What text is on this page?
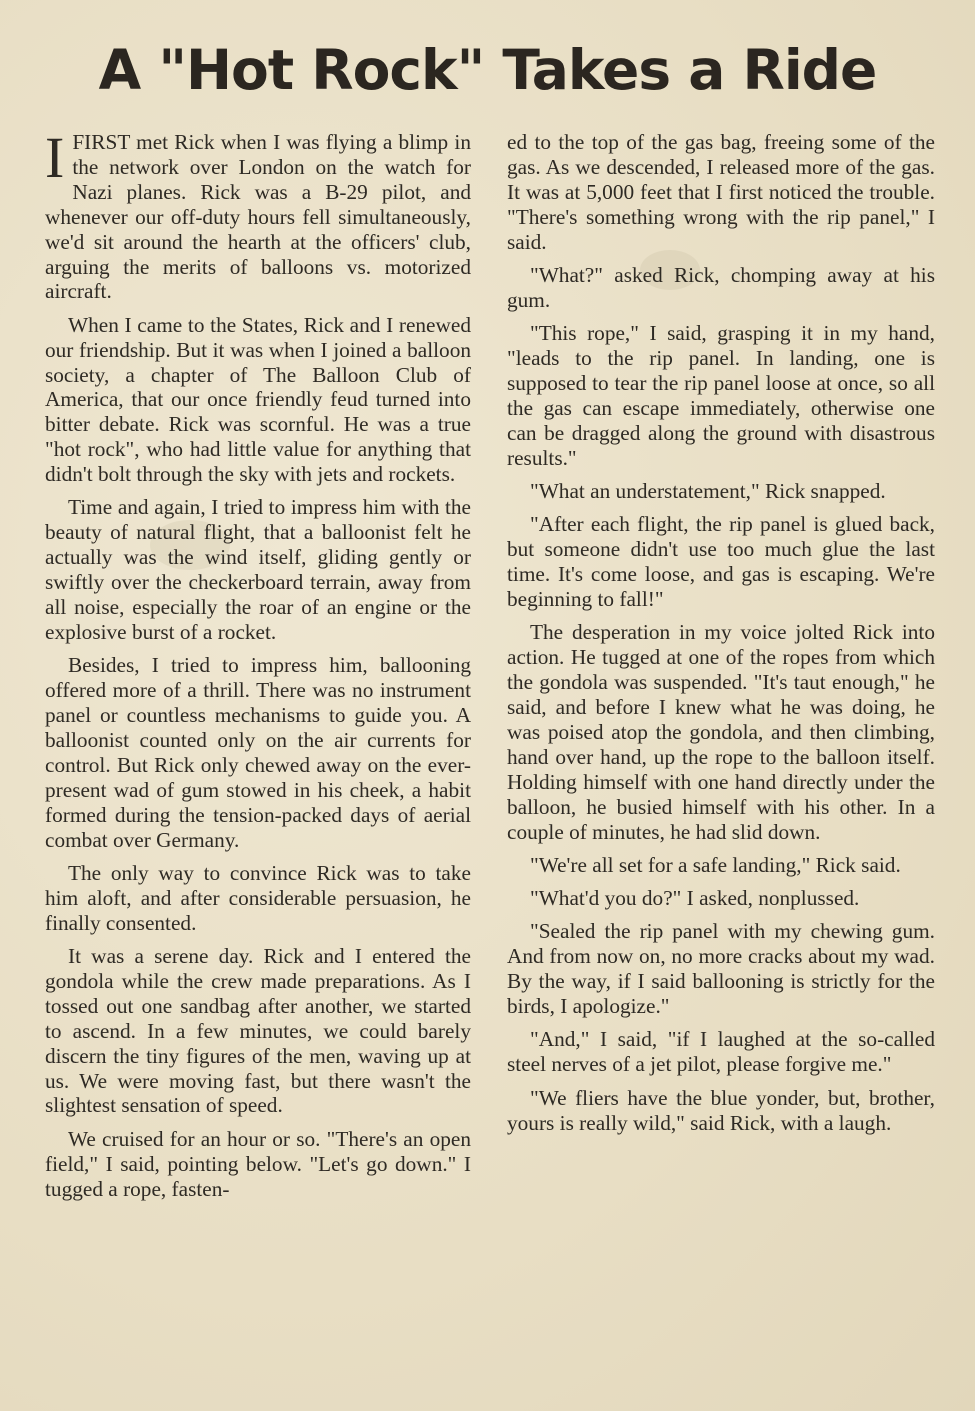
A "Hot Rock" Takes a Ride

I FIRST met Rick when I was flying a blimp in the network over London on the watch for Nazi planes. Rick was a B-29 pilot, and whenever our off-duty hours fell simultaneously, we'd sit around the hearth at the officers' club, arguing the merits of balloons vs. motorized aircraft.

When I came to the States, Rick and I renewed our friendship. But it was when I joined a balloon society, a chapter of The Balloon Club of America, that our once friendly feud turned into bitter debate. Rick was scornful. He was a true "hot rock", who had little value for anything that didn't bolt through the sky with jets and rockets.

Time and again, I tried to impress him with the beauty of natural flight, that a balloonist felt he actually was the wind itself, gliding gently or swiftly over the checkerboard terrain, away from all noise, especially the roar of an engine or the explosive burst of a rocket.

Besides, I tried to impress him, ballooning offered more of a thrill. There was no instrument panel or countless mechanisms to guide you. A balloonist counted only on the air currents for control. But Rick only chewed away on the ever-present wad of gum stowed in his cheek, a habit formed during the tension-packed days of aerial combat over Germany.

The only way to convince Rick was to take him aloft, and after considerable persuasion, he finally consented.

It was a serene day. Rick and I entered the gondola while the crew made preparations. As I tossed out one sandbag after another, we started to ascend. In a few minutes, we could barely discern the tiny figures of the men, waving up at us. We were moving fast, but there wasn't the slightest sensation of speed.

We cruised for an hour or so. "There's an open field," I said, pointing below. "Let's go down." I tugged a rope, fasten-

ed to the top of the gas bag, freeing some of the gas. As we descended, I released more of the gas. It was at 5,000 feet that I first noticed the trouble. "There's something wrong with the rip panel," I said.

"What?" asked Rick, chomping away at his gum.

"This rope," I said, grasping it in my hand, "leads to the rip panel. In landing, one is supposed to tear the rip panel loose at once, so all the gas can escape immediately, otherwise one can be dragged along the ground with disastrous results."

"What an understatement," Rick snapped.

"After each flight, the rip panel is glued back, but someone didn't use too much glue the last time. It's come loose, and gas is escaping. We're beginning to fall!"

The desperation in my voice jolted Rick into action. He tugged at one of the ropes from which the gondola was suspended. "It's taut enough," he said, and before I knew what he was doing, he was poised atop the gondola, and then climbing, hand over hand, up the rope to the balloon itself. Holding himself with one hand directly under the balloon, he busied himself with his other. In a couple of minutes, he had slid down.

"We're all set for a safe landing," Rick said.

"What'd you do?" I asked, nonplussed.

"Sealed the rip panel with my chewing gum. And from now on, no more cracks about my wad. By the way, if I said ballooning is strictly for the birds, I apologize."

"And," I said, "if I laughed at the so-called steel nerves of a jet pilot, please forgive me."

"We fliers have the blue yonder, but, brother, yours is really wild," said Rick, with a laugh.
